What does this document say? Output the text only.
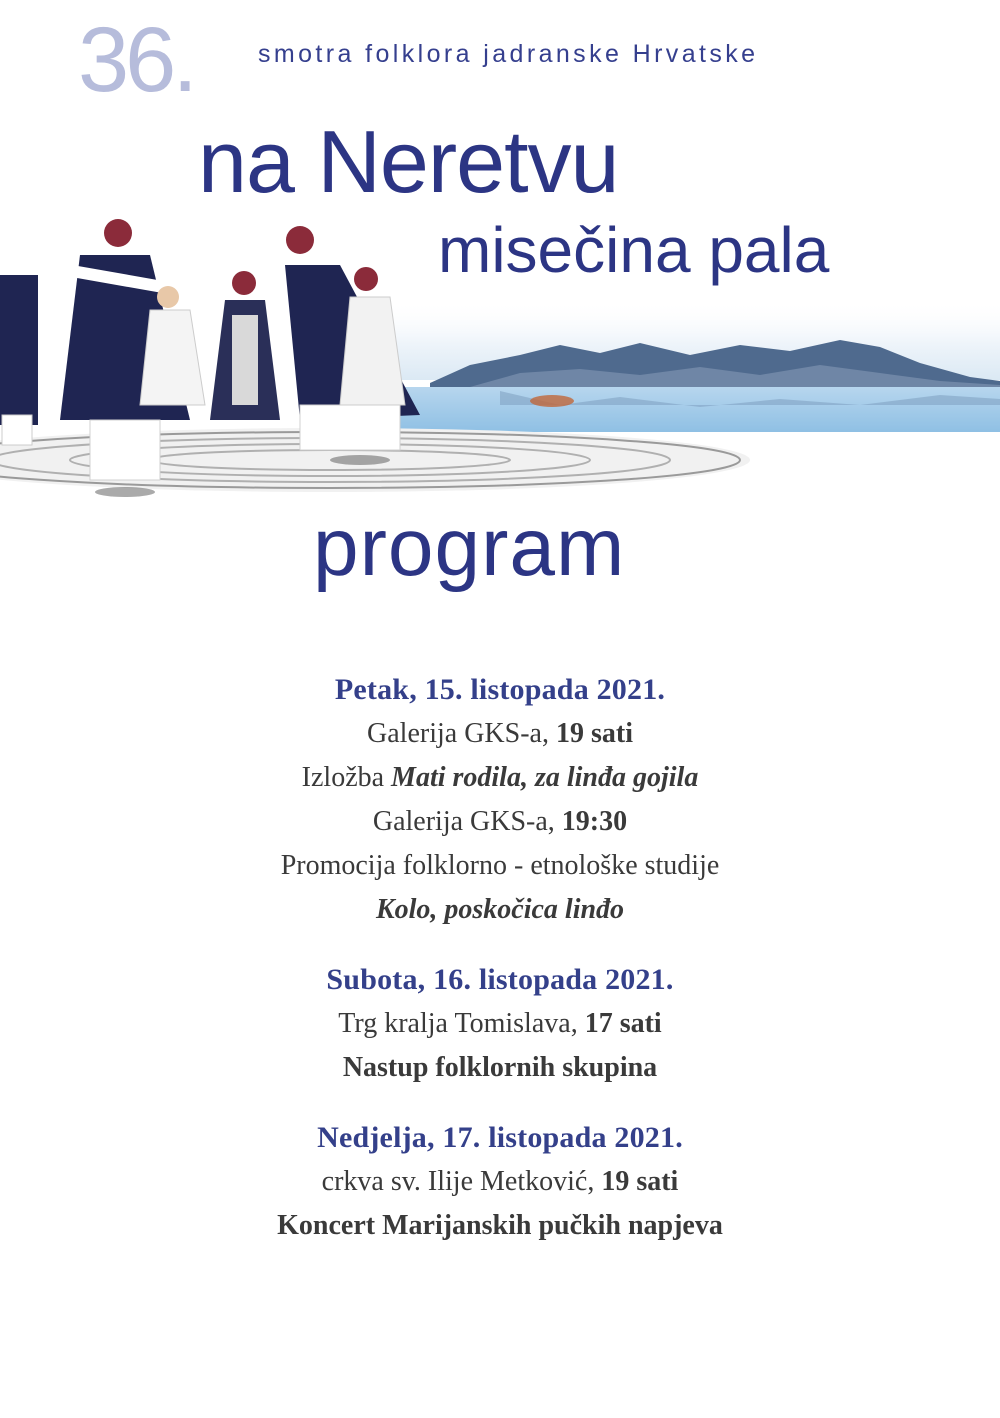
36.	smotra folklora jadranske Hrvatske
na Neretvu
misečina pala
program
Petak, 15. listopada 2021.
Galerija GKS-a, 19 sati
Izložba Mati rodila, za linđa gojila
Galerija GKS-a, 19:30
Promocija folklorno - etnološke studije
Kolo, poskočica linđo
Subota, 16. listopada 2021.
Trg kralja Tomislava, 17 sati
Nastup folklornih skupina
Nedjelja, 17. listopada 2021.
crkva sv. Ilije Metković, 19 sati
Koncert Marijanskih pučkih napjeva
